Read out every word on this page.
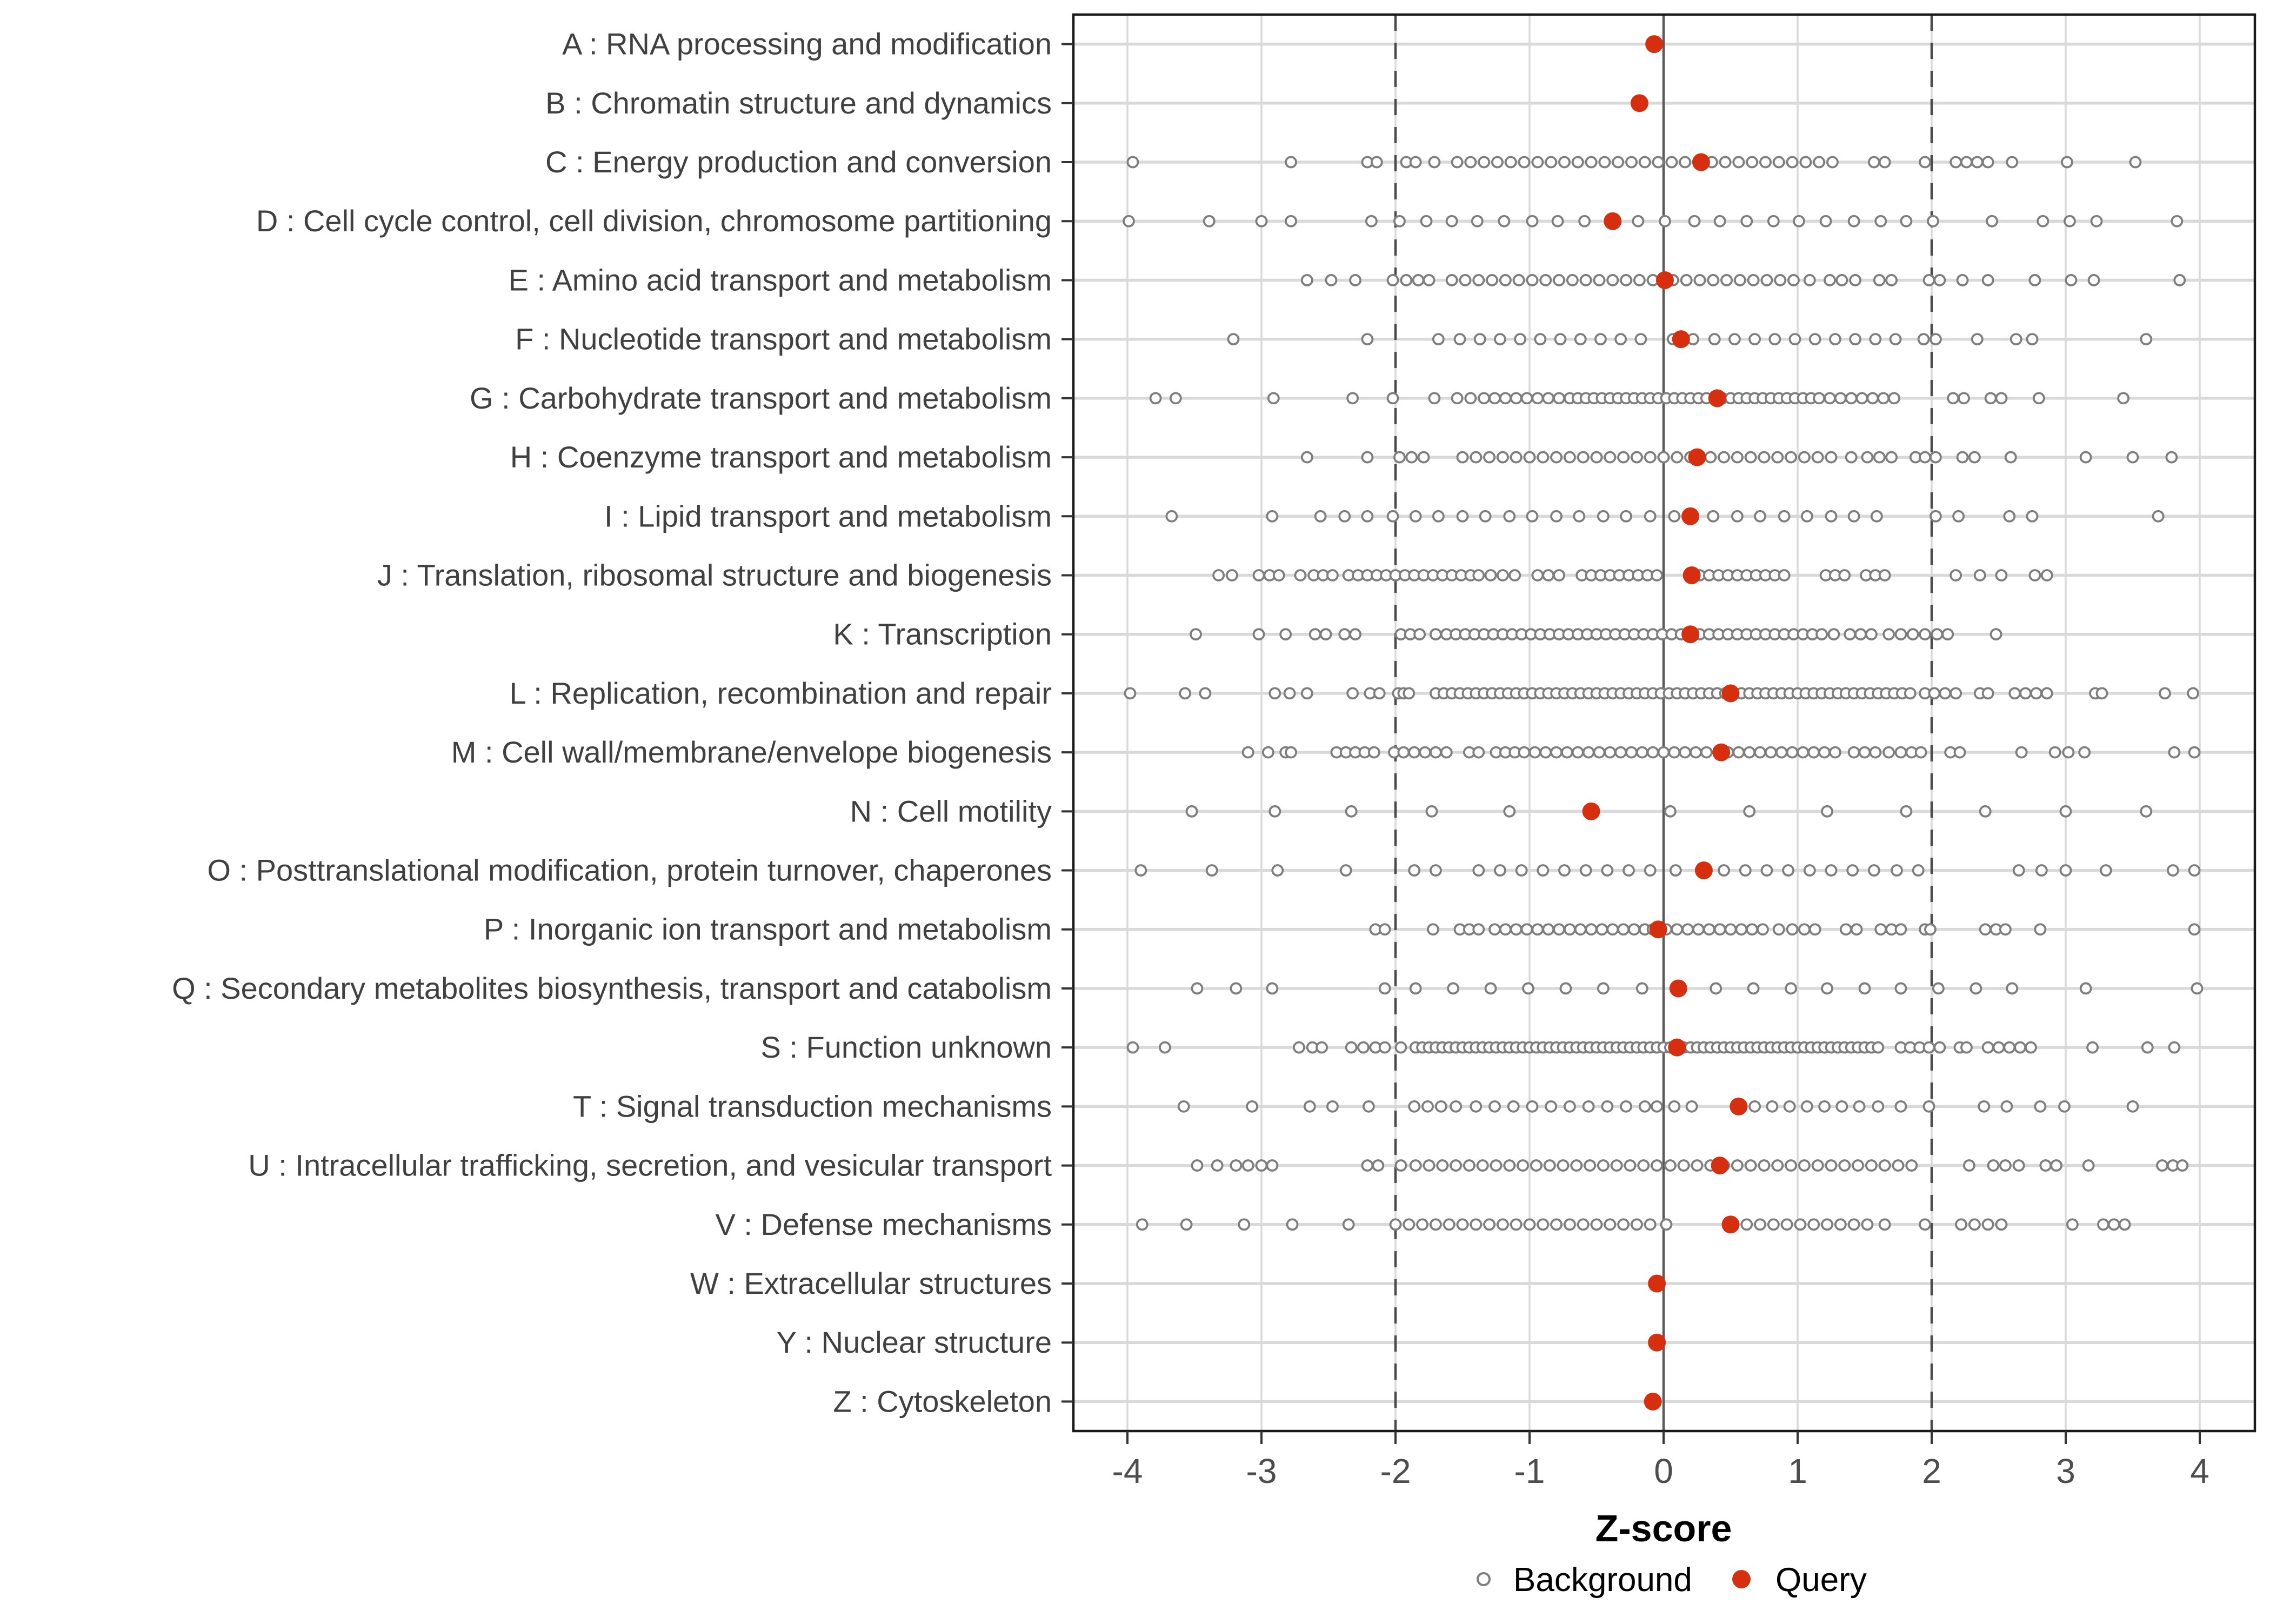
A : RNA processing and modification
B : Chromatin structure and dynamics
C : Energy production and conversion
D : Cell cycle control, cell division, chromosome partitioning
E : Amino acid transport and metabolism
F : Nucleotide transport and metabolism
G : Carbohydrate transport and metabolism
H : Coenzyme transport and metabolism
I : Lipid transport and metabolism
J : Translation, ribosomal structure and biogenesis
K : Transcription
L : Replication, recombination and repair
M : Cell wall/membrane/envelope biogenesis
N : Cell motility
O : Posttranslational modification, protein turnover, chaperones
P : Inorganic ion transport and metabolism
Q : Secondary metabolites biosynthesis, transport and catabolism
S : Function unknown
T : Signal transduction mechanisms
U : Intracellular trafficking, secretion, and vesicular transport
V : Defense mechanisms
W : Extracellular structures
Y : Nuclear structure
Z : Cytoskeleton
-4	-3	-2	-1	0	1	2	3	4
Z-score
Background Query
